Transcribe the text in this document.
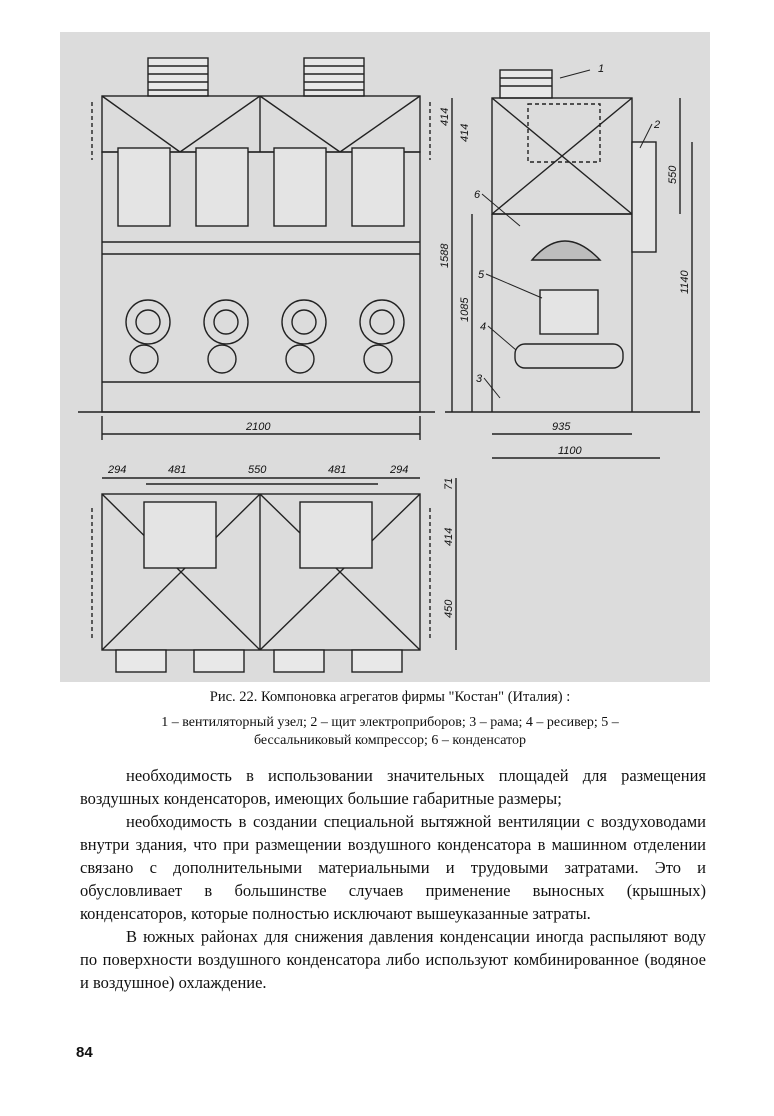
2100
1588
414
935
1100
1140
1085
550
414
294	481	550	481	294
71
414
450
1
2
3
4
5
6
Рис. 22. Компоновка агрегатов фирмы "Костан" (Италия) :
1 – вентиляторный узел; 2 – щит электроприборов; 3 – рама; 4 – ресивер; 5 –
бессальниковый компрессор; 6 – конденсатор

необходимость в использовании значительных площадей для размещения воздушных конденсаторов, имеющих большие габаритные размеры;

необходимость в создании специальной вытяжной вентиляции с воздуховодами внутри здания, что при размещении воздушного конденсатора в машинном отделении связано с дополнительными материальными и трудовыми затратами. Это и обусловливает в большинстве случаев применение выносных (крышных) конденсаторов, которые полностью исключают вышеуказанные затраты.

В южных районах для снижения давления конденсации иногда распыляют воду по поверхности воздушного конденсатора либо используют комбинированное (водяное и воздушное) охлаждение.

84
